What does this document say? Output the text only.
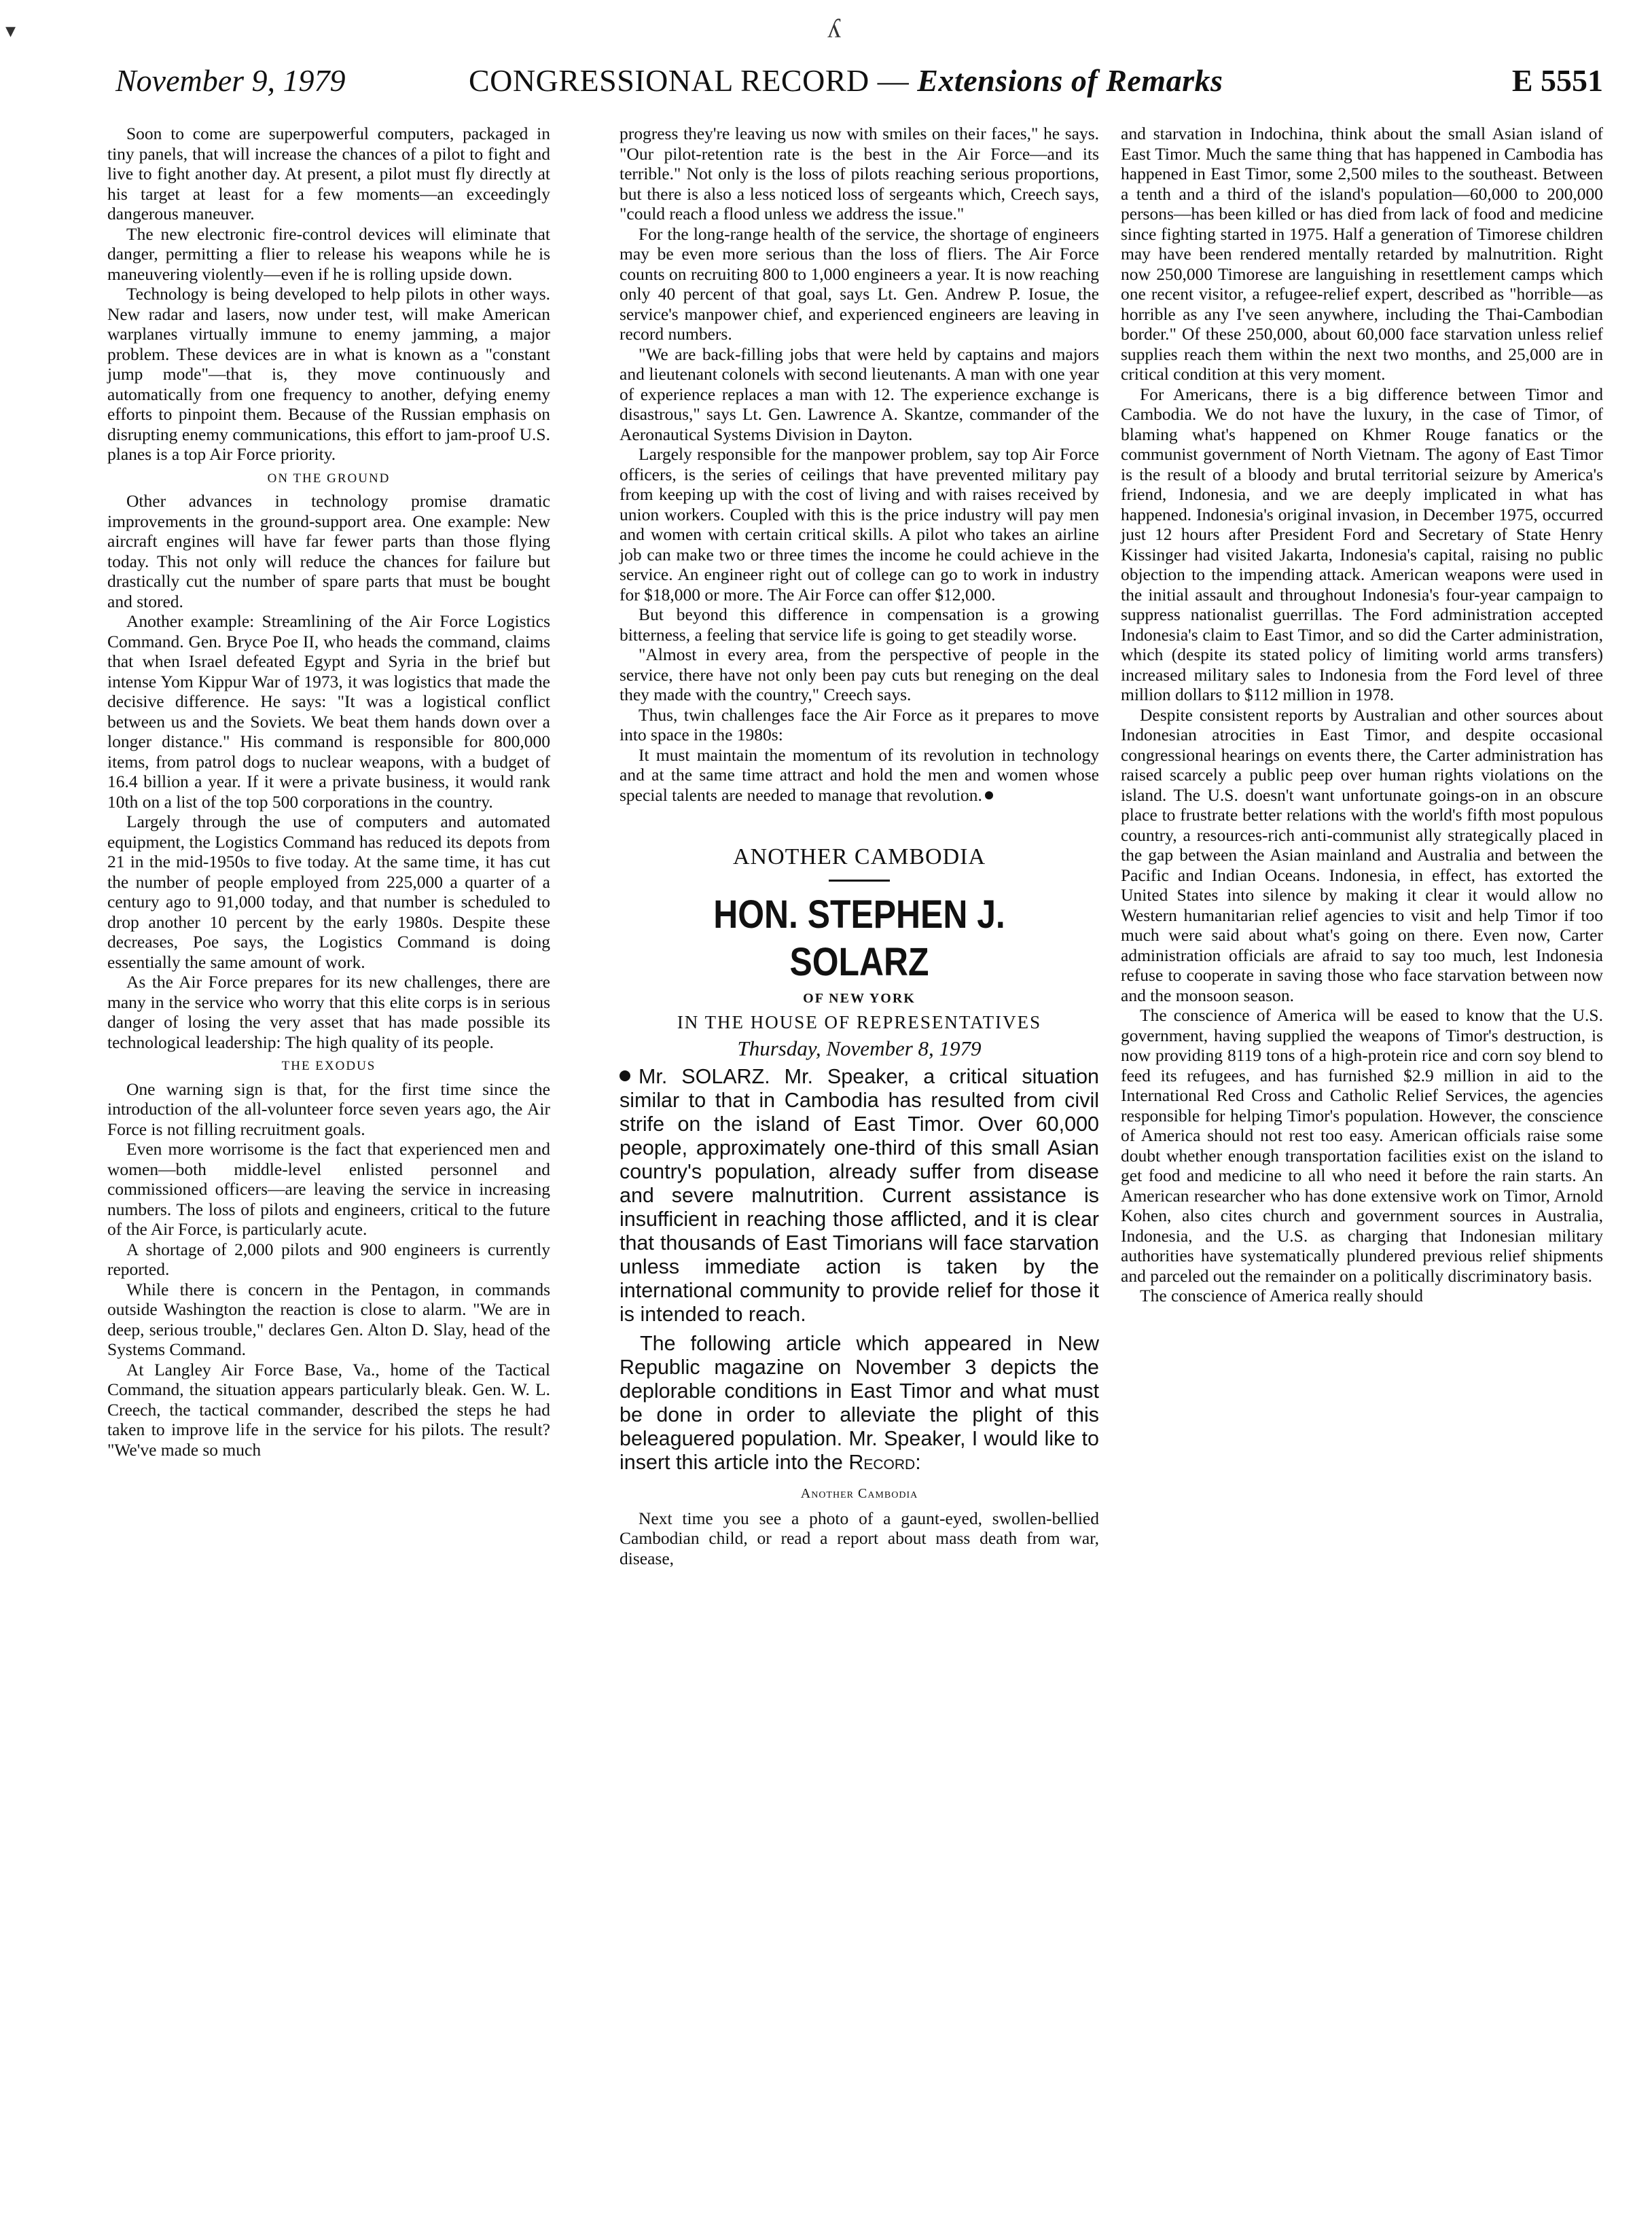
November 9, 1979	CONGRESSIONAL RECORD — Extensions of Remarks	E 5551

Soon to come are superpowerful computers, packaged in tiny panels, that will increase the chances of a pilot to fight and live to fight another day. At present, a pilot must fly directly at his target at least for a few moments—an exceedingly dangerous maneuver.

The new electronic fire-control devices will eliminate that danger, permitting a flier to release his weapons while he is maneuvering violently—even if he is rolling upside down.

Technology is being developed to help pilots in other ways. New radar and lasers, now under test, will make American warplanes virtually immune to enemy jamming, a major problem. These devices are in what is known as a "constant jump mode"—that is, they move continuously and automatically from one frequency to another, defying enemy efforts to pinpoint them. Because of the Russian emphasis on disrupting enemy communications, this effort to jam-proof U.S. planes is a top Air Force priority.

ON THE GROUND

Other advances in technology promise dramatic improvements in the ground-support area. One example: New aircraft engines will have far fewer parts than those flying today. This not only will reduce the chances for failure but drastically cut the number of spare parts that must be bought and stored.

Another example: Streamlining of the Air Force Logistics Command. Gen. Bryce Poe II, who heads the command, claims that when Israel defeated Egypt and Syria in the brief but intense Yom Kippur War of 1973, it was logistics that made the decisive difference. He says: "It was a logistical conflict between us and the Soviets. We beat them hands down over a longer distance." His command is responsible for 800,000 items, from patrol dogs to nuclear weapons, with a budget of 16.4 billion a year. If it were a private business, it would rank 10th on a list of the top 500 corporations in the country.

Largely through the use of computers and automated equipment, the Logistics Command has reduced its depots from 21 in the mid-1950s to five today. At the same time, it has cut the number of people employed from 225,000 a quarter of a century ago to 91,000 today, and that number is scheduled to drop another 10 percent by the early 1980s. Despite these decreases, Poe says, the Logistics Command is doing essentially the same amount of work.

As the Air Force prepares for its new challenges, there are many in the service who worry that this elite corps is in serious danger of losing the very asset that has made possible its technological leadership: The high quality of its people.

THE EXODUS

One warning sign is that, for the first time since the introduction of the all-volunteer force seven years ago, the Air Force is not filling recruitment goals.

Even more worrisome is the fact that experienced men and women—both middle-level enlisted personnel and commissioned officers—are leaving the service in increasing numbers. The loss of pilots and engineers, critical to the future of the Air Force, is particularly acute.

A shortage of 2,000 pilots and 900 engineers is currently reported.

While there is concern in the Pentagon, in commands outside Washington the reaction is close to alarm. "We are in deep, serious trouble," declares Gen. Alton D. Slay, head of the Systems Command.

At Langley Air Force Base, Va., home of the Tactical Command, the situation appears particularly bleak. Gen. W. L. Creech, the tactical commander, described the steps he had taken to improve life in the service for his pilots. The result? "We've made so much

progress they're leaving us now with smiles on their faces," he says. "Our pilot-retention rate is the best in the Air Force—and its terrible." Not only is the loss of pilots reaching serious proportions, but there is also a less noticed loss of sergeants which, Creech says, "could reach a flood unless we address the issue."

For the long-range health of the service, the shortage of engineers may be even more serious than the loss of fliers. The Air Force counts on recruiting 800 to 1,000 engineers a year. It is now reaching only 40 percent of that goal, says Lt. Gen. Andrew P. Iosue, the service's manpower chief, and experienced engineers are leaving in record numbers.

"We are back-filling jobs that were held by captains and majors and lieutenant colonels with second lieutenants. A man with one year of experience replaces a man with 12. The experience exchange is disastrous," says Lt. Gen. Lawrence A. Skantze, commander of the Aeronautical Systems Division in Dayton.

Largely responsible for the manpower problem, say top Air Force officers, is the series of ceilings that have prevented military pay from keeping up with the cost of living and with raises received by union workers. Coupled with this is the price industry will pay men and women with certain critical skills. A pilot who takes an airline job can make two or three times the income he could achieve in the service. An engineer right out of college can go to work in industry for $18,000 or more. The Air Force can offer $12,000.

But beyond this difference in compensation is a growing bitterness, a feeling that service life is going to get steadily worse.

"Almost in every area, from the perspective of people in the service, there have not only been pay cuts but reneging on the deal they made with the country," Creech says.

Thus, twin challenges face the Air Force as it prepares to move into space in the 1980s:

It must maintain the momentum of its revolution in technology and at the same time attract and hold the men and women whose special talents are needed to manage that revolution.

ANOTHER CAMBODIA
HON. STEPHEN J. SOLARZ
OF NEW YORK
IN THE HOUSE OF REPRESENTATIVES
Thursday, November 8, 1979

Mr. SOLARZ. Mr. Speaker, a critical situation similar to that in Cambodia has resulted from civil strife on the island of East Timor. Over 60,000 people, approximately one-third of this small Asian country's population, already suffer from disease and severe malnutrition. Current assistance is insufficient in reaching those afflicted, and it is clear that thousands of East Timorians will face starvation unless immediate action is taken by the international community to provide relief for those it is intended to reach.

The following article which appeared in New Republic magazine on November 3 depicts the deplorable conditions in East Timor and what must be done in order to alleviate the plight of this beleaguered population. Mr. Speaker, I would like to insert this article into the Record:

Another Cambodia

Next time you see a photo of a gaunt-eyed, swollen-bellied Cambodian child, or read a report about mass death from war, disease,

and starvation in Indochina, think about the small Asian island of East Timor. Much the same thing that has happened in Cambodia has happened in East Timor, some 2,500 miles to the southeast. Between a tenth and a third of the island's population—60,000 to 200,000 persons—has been killed or has died from lack of food and medicine since fighting started in 1975. Half a generation of Timorese children may have been rendered mentally retarded by malnutrition. Right now 250,000 Timorese are languishing in resettlement camps which one recent visitor, a refugee-relief expert, described as "horrible—as horrible as any I've seen anywhere, including the Thai-Cambodian border." Of these 250,000, about 60,000 face starvation unless relief supplies reach them within the next two months, and 25,000 are in critical condition at this very moment.

For Americans, there is a big difference between Timor and Cambodia. We do not have the luxury, in the case of Timor, of blaming what's happened on Khmer Rouge fanatics or the communist government of North Vietnam. The agony of East Timor is the result of a bloody and brutal territorial seizure by America's friend, Indonesia, and we are deeply implicated in what has happened. Indonesia's original invasion, in December 1975, occurred just 12 hours after President Ford and Secretary of State Henry Kissinger had visited Jakarta, Indonesia's capital, raising no public objection to the impending attack. American weapons were used in the initial assault and throughout Indonesia's four-year campaign to suppress nationalist guerrillas. The Ford administration accepted Indonesia's claim to East Timor, and so did the Carter administration, which (despite its stated policy of limiting world arms transfers) increased military sales to Indonesia from the Ford level of three million dollars to $112 million in 1978.

Despite consistent reports by Australian and other sources about Indonesian atrocities in East Timor, and despite occasional congressional hearings on events there, the Carter administration has raised scarcely a public peep over human rights violations on the island. The U.S. doesn't want unfortunate goings-on in an obscure place to frustrate better relations with the world's fifth most populous country, a resources-rich anti-communist ally strategically placed in the gap between the Asian mainland and Australia and between the Pacific and Indian Oceans. Indonesia, in effect, has extorted the United States into silence by making it clear it would allow no Western humanitarian relief agencies to visit and help Timor if too much were said about what's going on there. Even now, Carter administration officials are afraid to say too much, lest Indonesia refuse to cooperate in saving those who face starvation between now and the monsoon season.

The conscience of America will be eased to know that the U.S. government, having supplied the weapons of Timor's destruction, is now providing 8119 tons of a high-protein rice and corn soy blend to feed its refugees, and has furnished $2.9 million in aid to the International Red Cross and Catholic Relief Services, the agencies responsible for helping Timor's population. However, the conscience of America should not rest too easy. American officials raise some doubt whether enough transportation facilities exist on the island to get food and medicine to all who need it before the rain starts. An American researcher who has done extensive work on Timor, Arnold Kohen, also cites church and government sources in Australia, Indonesia, and the U.S. as charging that Indonesian military authorities have systematically plundered previous relief shipments and parceled out the remainder on a politically discriminatory basis.

The conscience of America really should

▾	ʎ
